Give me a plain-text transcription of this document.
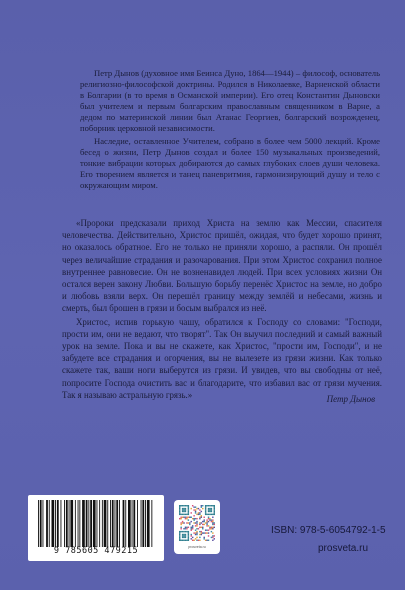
Петр Дынов (духовное имя Беинса Дуно, 1864—1944) – философ, основатель религиозно-философской доктрины. Родился в Николаевке, Варненской области в Болгарии (в то время в Османской империи). Его отец Константин Дыновски был учителем и первым болгарским православным священником в Варне, а дедом по материнской линии был Атанас Георгиев, болгарский возрожденец, поборник церковной независимости.

Наследие, оставленное Учителем, собрано в более чем 5000 лекций. Кроме бесед о жизни, Петр Дынов создал и более 150 музыкальных произведений, тонкие вибрации которых добираются до самых глубоких слоев души человека. Его творением является и танец паневритмия, гармонизирующий душу и тело с окружающим миром.

«Пророки предсказали приход Христа на землю как Мессии, спасителя человечества. Действительно, Христос пришёл, ожидая, что будет хорошо принят, но оказалось обратное. Его не только не приняли хорошо, а распяли. Он прошёл через величайшие страдания и разочарования. При этом Христос сохранил полное внутреннее равновесие. Он не возненавидел людей. При всех условиях жизни Он остался верен закону Любви. Большую борьбу перенёс Христос на земле, но добро и любовь взяли верх. Он перешёл границу между землёй и небесами, жизнь и смерть, был брошен в грязи и босым выбрался из неё.

Христос, испив горькую чашу, обратился к Господу со словами: "Господи, прости им, они не ведают, что творят". Так Он выучил последний и самый важный урок на земле. Пока и вы не скажете, как Христос, "прости им, Господи", и не забудете все страдания и огорчения, вы не вылезете из грязи жизни. Как только скажете так, ваши ноги выберутся из грязи. И увидев, что вы свободны от неё, попросите Господа очистить вас и благодарите, что избавил вас от грязи мучения. Так я называю астральную грязь.»	Петр Дынов
9 785605 479215	prosveta.ru
ISBN: 978-5-6054792-1-5
prosveta.ru
